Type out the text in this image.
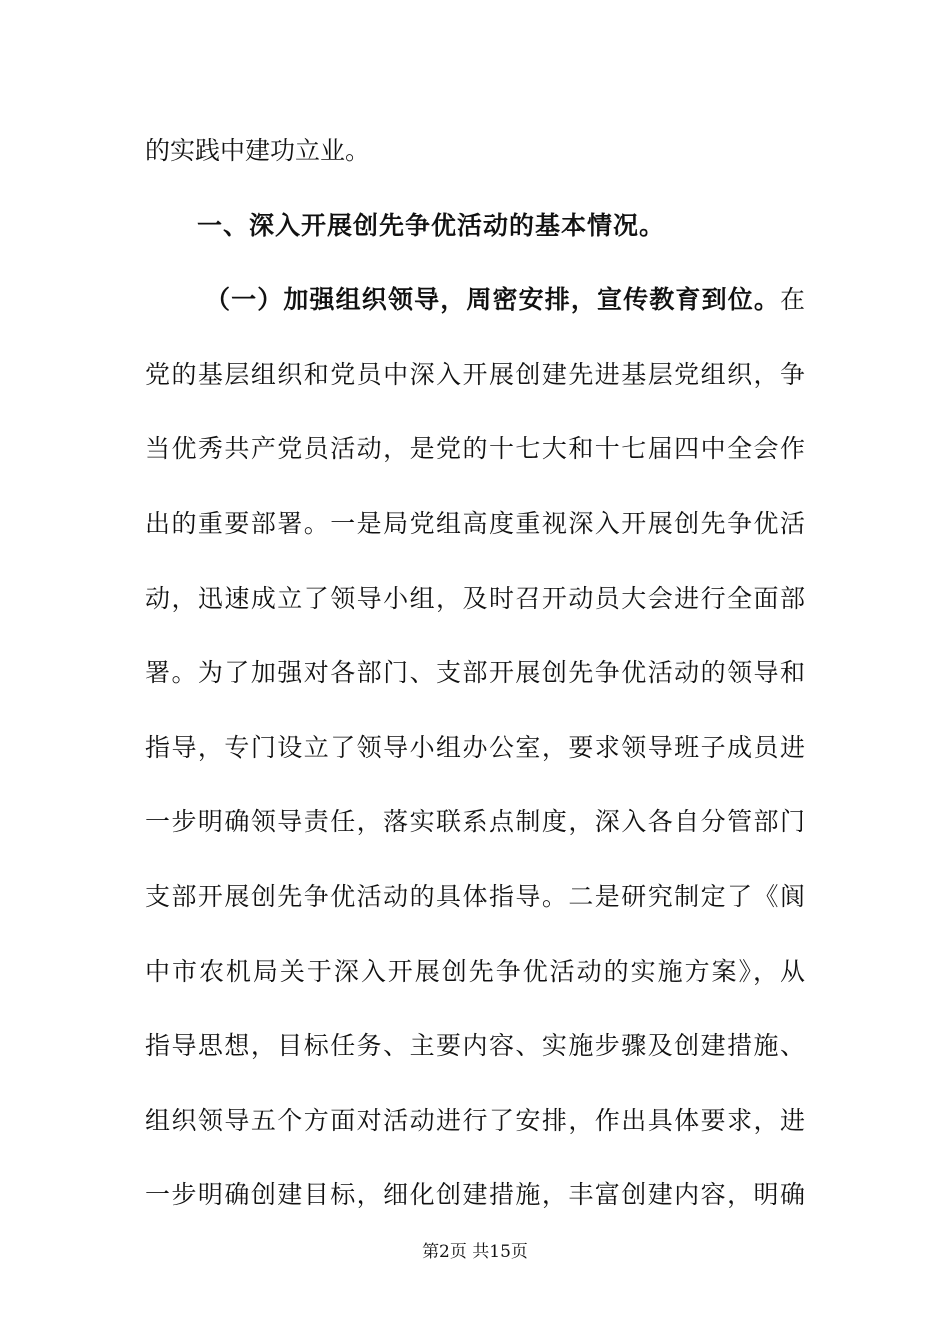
的实践中建功立业。
一、深入开展创先争优活动的基本情况。
（一）加强组织领导，周密安排，宣传教育到位。在
党的基层组织和党员中深入开展创建先进基层党组织，争
当优秀共产党员活动，是党的十七大和十七届四中全会作
出的重要部署。一是局党组高度重视深入开展创先争优活
动，迅速成立了领导小组，及时召开动员大会进行全面部
署。为了加强对各部门、支部开展创先争优活动的领导和
指导，专门设立了领导小组办公室，要求领导班子成员进
一步明确领导责任，落实联系点制度，深入各自分管部门
支部开展创先争优活动的具体指导。二是研究制定了《阆
中市农机局关于深入开展创先争优活动的实施方案》，从
指导思想，目标任务、主要内容、实施步骤及创建措施、
组织领导五个方面对活动进行了安排，作出具体要求，进
一步明确创建目标，细化创建措施，丰富创建内容，明确
第2页 共15页
